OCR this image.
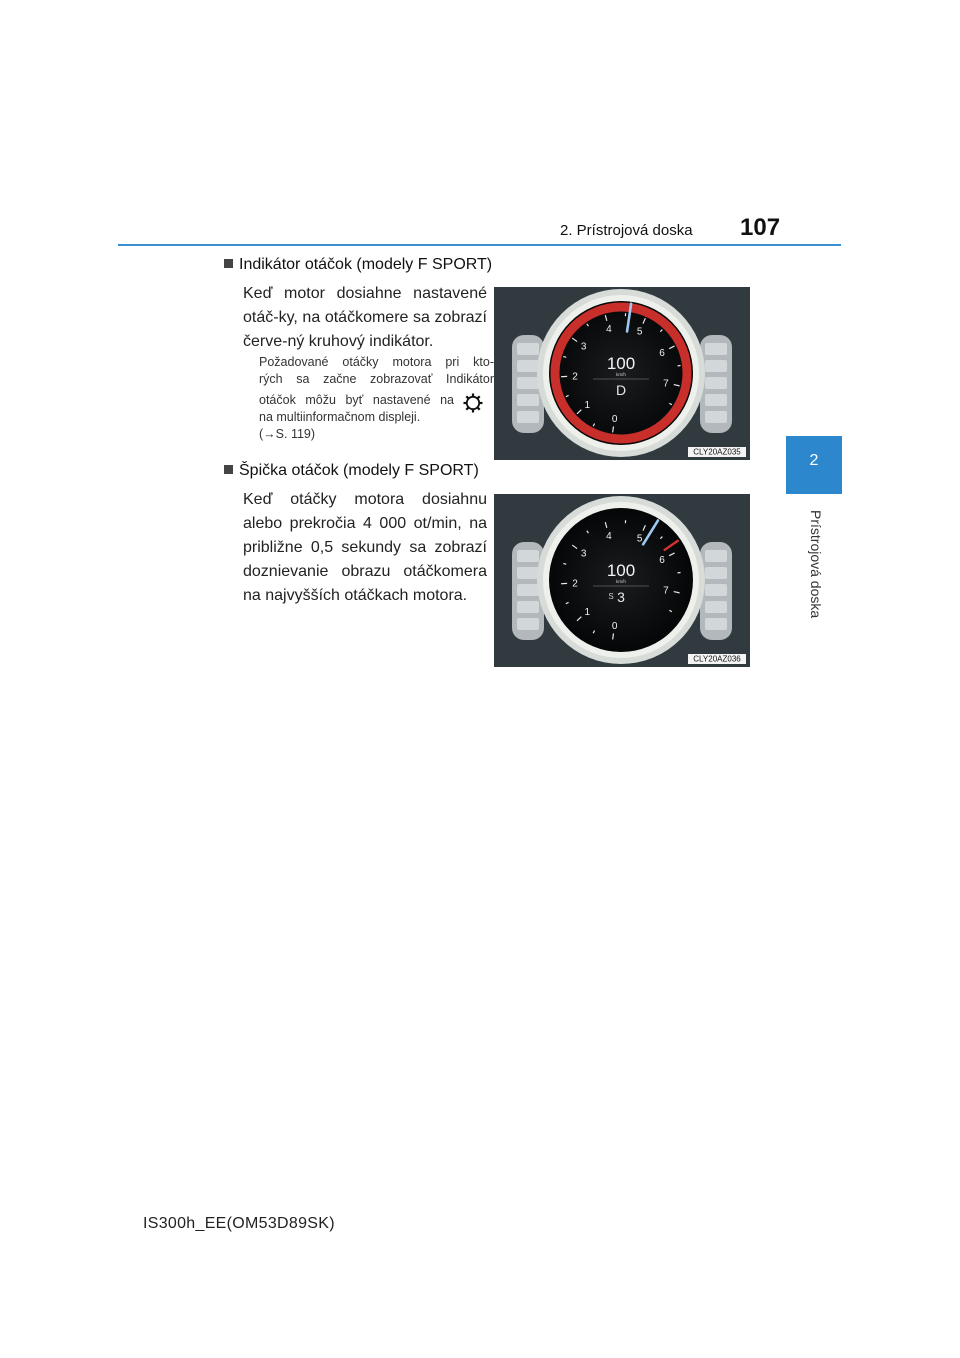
2. Prístrojová doska 107
2
Prístrojová doska
Indikátor otáčok (modely F SPORT)
Keď motor dosiahne nastavené otáč-ky, na otáčkomere sa zobrazí červe-ný kruhový indikátor.
Požadované otáčky motora pri kto-
rých sa začne zobrazovať Indikátor
otáčok môžu byť nastavené na
na multiinformačnom displeji.
(→S. 119)
0
1
2
3
4	5
6
7
100
km/h
D
CLY20AZ035
Špička otáčok (modely F SPORT)
Keď otáčky motora dosiahnu alebo prekročia 4 000 ot/min, na približne 0,5 sekundy sa zobrazí doznievanie obrazu otáčkomera na najvyšších otáčkach motora.
0
1
2
3
4	5
6
7
100
km/h
S 3
CLY20AZ036
IS300h_EE(OM53D89SK)
